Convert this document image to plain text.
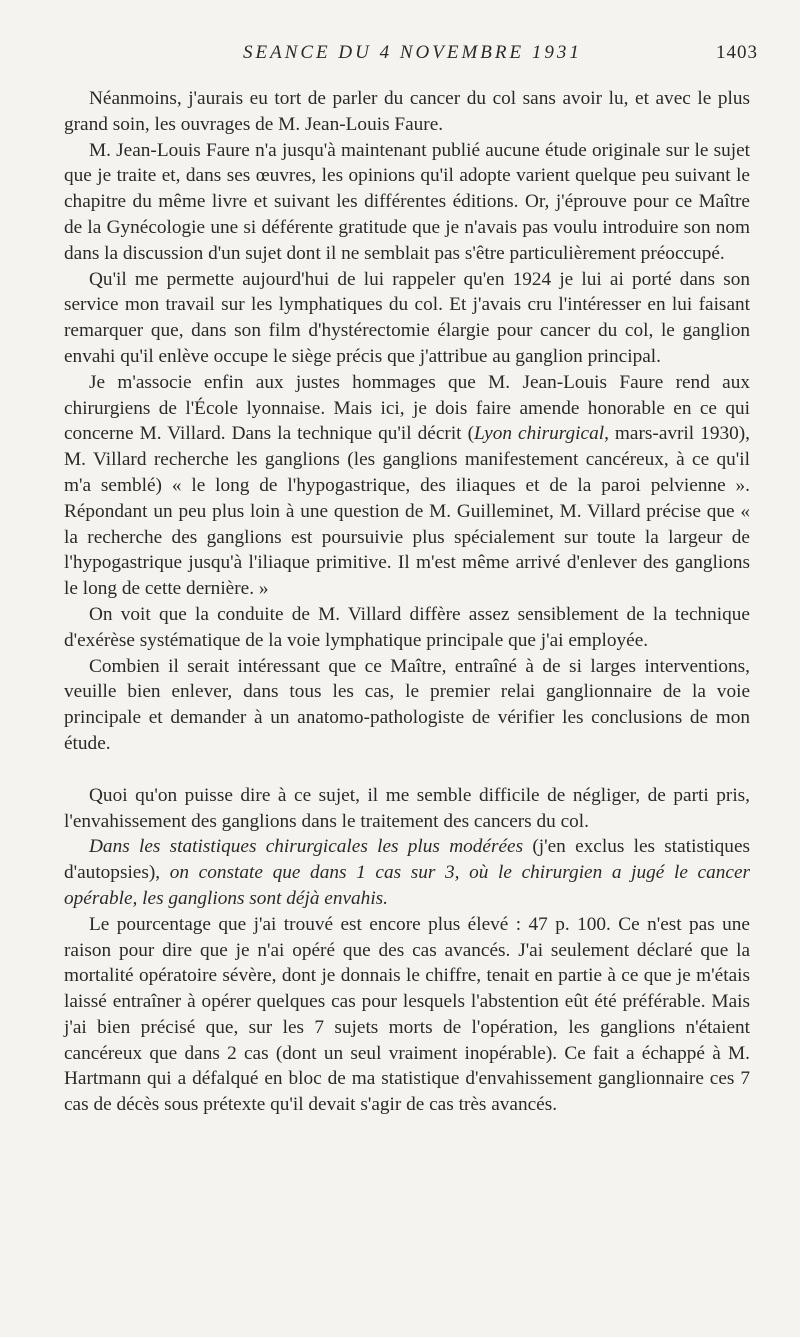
SEANCE DU 4 NOVEMBRE 1931	1403

Néanmoins, j'aurais eu tort de parler du cancer du col sans avoir lu, et avec le plus grand soin, les ouvrages de M. Jean-Louis Faure.

M. Jean-Louis Faure n'a jusqu'à maintenant publié aucune étude originale sur le sujet que je traite et, dans ses œuvres, les opinions qu'il adopte varient quelque peu suivant le chapitre du même livre et suivant les différentes éditions. Or, j'éprouve pour ce Maître de la Gynécologie une si déférente gratitude que je n'avais pas voulu introduire son nom dans la discussion d'un sujet dont il ne semblait pas s'être particulièrement préoccupé.

Qu'il me permette aujourd'hui de lui rappeler qu'en 1924 je lui ai porté dans son service mon travail sur les lymphatiques du col. Et j'avais cru l'intéresser en lui faisant remarquer que, dans son film d'hystérectomie élargie pour cancer du col, le ganglion envahi qu'il enlève occupe le siège précis que j'attribue au ganglion principal.

Je m'associe enfin aux justes hommages que M. Jean-Louis Faure rend aux chirurgiens de l'École lyonnaise. Mais ici, je dois faire amende honorable en ce qui concerne M. Villard. Dans la technique qu'il décrit (Lyon chirurgical, mars-avril 1930), M. Villard recherche les ganglions (les ganglions manifestement cancéreux, à ce qu'il m'a semblé) « le long de l'hypogastrique, des iliaques et de la paroi pelvienne ». Répondant un peu plus loin à une question de M. Guilleminet, M. Villard précise que « la recherche des ganglions est poursuivie plus spécialement sur toute la largeur de l'hypogastrique jusqu'à l'iliaque primitive. Il m'est même arrivé d'enlever des ganglions le long de cette dernière. »

On voit que la conduite de M. Villard diffère assez sensiblement de la technique d'exérèse systématique de la voie lymphatique principale que j'ai employée.

Combien il serait intéressant que ce Maître, entraîné à de si larges interventions, veuille bien enlever, dans tous les cas, le premier relai ganglionnaire de la voie principale et demander à un anatomo-pathologiste de vérifier les conclusions de mon étude.

Quoi qu'on puisse dire à ce sujet, il me semble difficile de négliger, de parti pris, l'envahissement des ganglions dans le traitement des cancers du col.

Dans les statistiques chirurgicales les plus modérées (j'en exclus les statistiques d'autopsies), on constate que dans 1 cas sur 3, où le chirurgien a jugé le cancer opérable, les ganglions sont déjà envahis.

Le pourcentage que j'ai trouvé est encore plus élevé : 47 p. 100. Ce n'est pas une raison pour dire que je n'ai opéré que des cas avancés. J'ai seulement déclaré que la mortalité opératoire sévère, dont je donnais le chiffre, tenait en partie à ce que je m'étais laissé entraîner à opérer quelques cas pour lesquels l'abstention eût été préférable. Mais j'ai bien précisé que, sur les 7 sujets morts de l'opération, les ganglions n'étaient cancéreux que dans 2 cas (dont un seul vraiment inopérable). Ce fait a échappé à M. Hartmann qui a défalqué en bloc de ma statistique d'envahissement ganglionnaire ces 7 cas de décès sous prétexte qu'il devait s'agir de cas très avancés.
